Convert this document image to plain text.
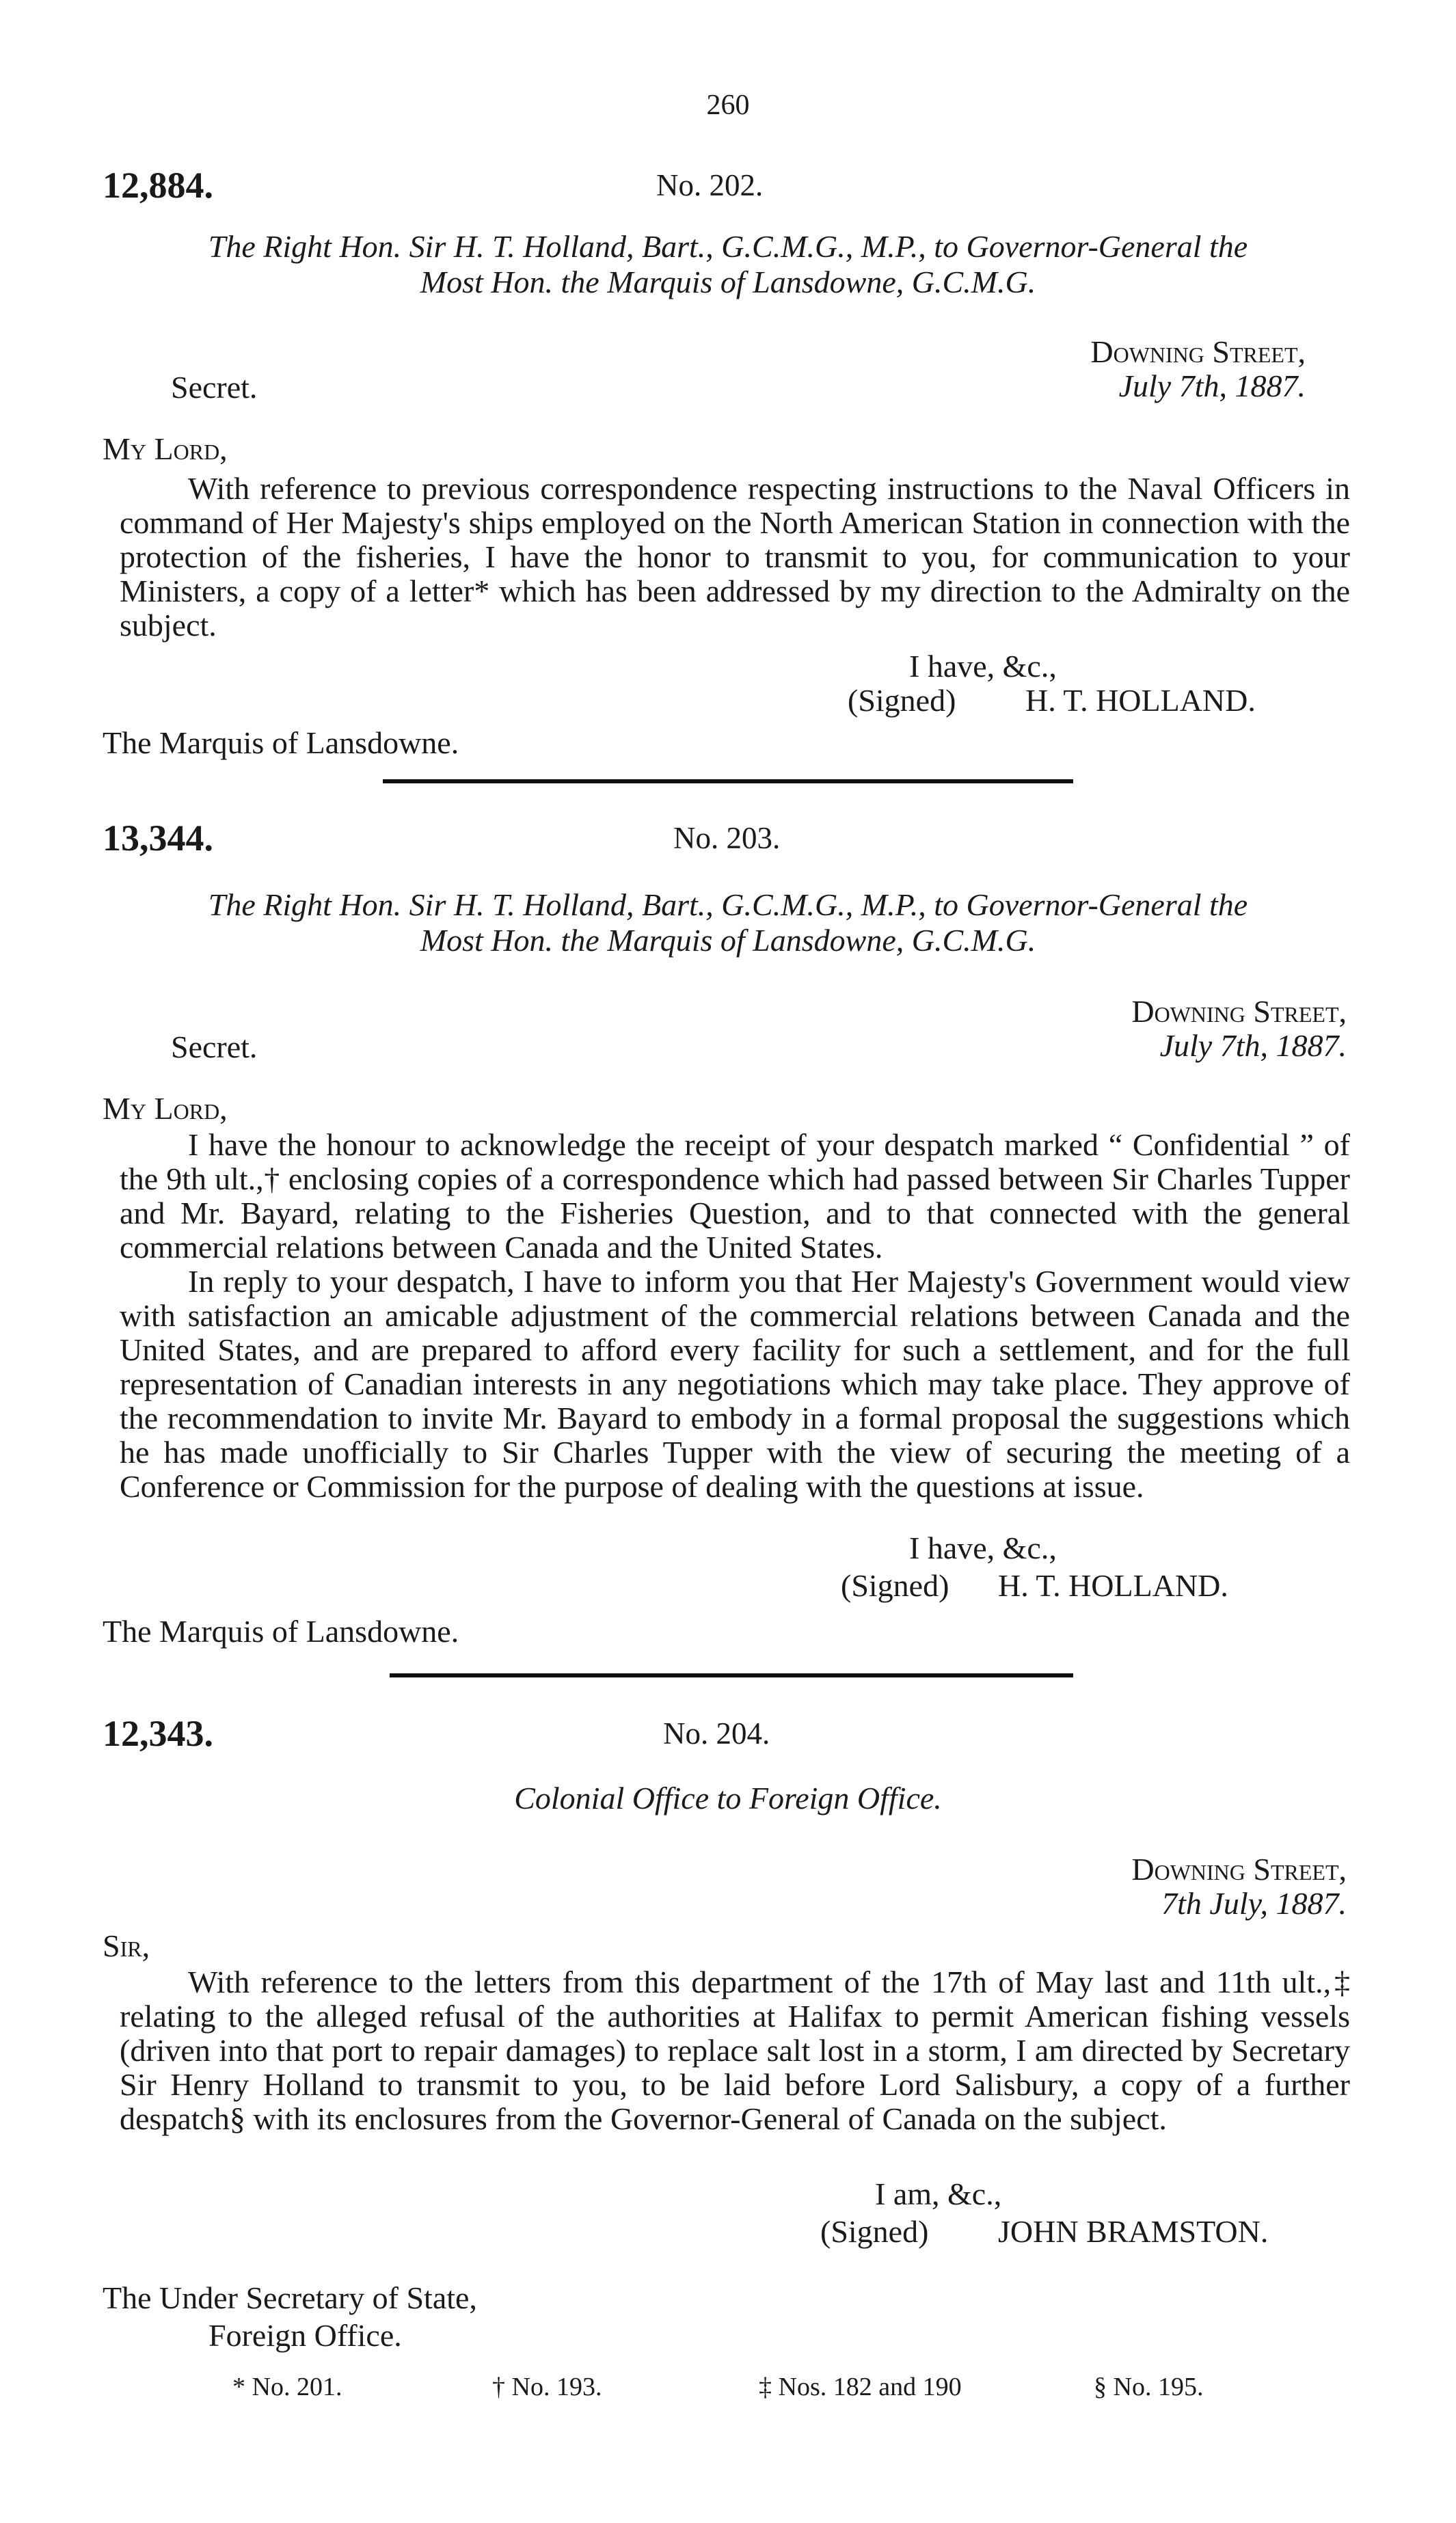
260
12,884.	No. 202.
The Right Hon. Sir H. T. Holland, Bart., G.C.M.G., M.P., to Governor-General the
Most Hon. the Marquis of Lansdowne, G.C.M.G.
Downing Street,
July 7th, 1887.
Secret.
My Lord,

With reference to previous correspondence respecting instructions to the Naval Officers in command of Her Majesty's ships employed on the North American Station in connection with the protection of the fisheries, I have the honor to transmit to you, for communication to your Ministers, a copy of a letter* which has been addressed by my direction to the Admiralty on the subject.

I have, &c.,
(Signed) H. T. HOLLAND.
The Marquis of Lansdowne.
13,344.	No. 203.
The Right Hon. Sir H. T. Holland, Bart., G.C.M.G., M.P., to Governor-General the
Most Hon. the Marquis of Lansdowne, G.C.M.G.
Downing Street,
July 7th, 1887.
Secret.
My Lord,

I have the honour to acknowledge the receipt of your despatch marked “ Confidential ” of the 9th ult.,† enclosing copies of a correspondence which had passed between Sir Charles Tupper and Mr. Bayard, relating to the Fisheries Question, and to that connected with the general commercial relations between Canada and the United States.

In reply to your despatch, I have to inform you that Her Majesty's Government would view with satisfaction an amicable adjustment of the commercial relations between Canada and the United States, and are prepared to afford every facility for such a settlement, and for the full representation of Canadian interests in any negotiations which may take place. They approve of the recommendation to invite Mr. Bayard to embody in a formal proposal the suggestions which he has made unofficially to Sir Charles Tupper with the view of securing the meeting of a Conference or Commission for the purpose of dealing with the questions at issue.

I have, &c.,
(Signed) H. T. HOLLAND.
The Marquis of Lansdowne.
12,343.	No. 204.
Colonial Office to Foreign Office.
Downing Street,
7th July, 1887.
Sir,

With reference to the letters from this department of the 17th of May last and 11th ult.,‡ relating to the alleged refusal of the authorities at Halifax to permit American fishing vessels (driven into that port to repair damages) to replace salt lost in a storm, I am directed by Secretary Sir Henry Holland to transmit to you, to be laid before Lord Salisbury, a copy of a further despatch§ with its enclosures from the Governor-General of Canada on the subject.

I am, &c.,
(Signed) JOHN BRAMSTON.
The Under Secretary of State,
Foreign Office.
* No. 201.	† No. 193.	‡ Nos. 182 and 190	§ No. 195.
